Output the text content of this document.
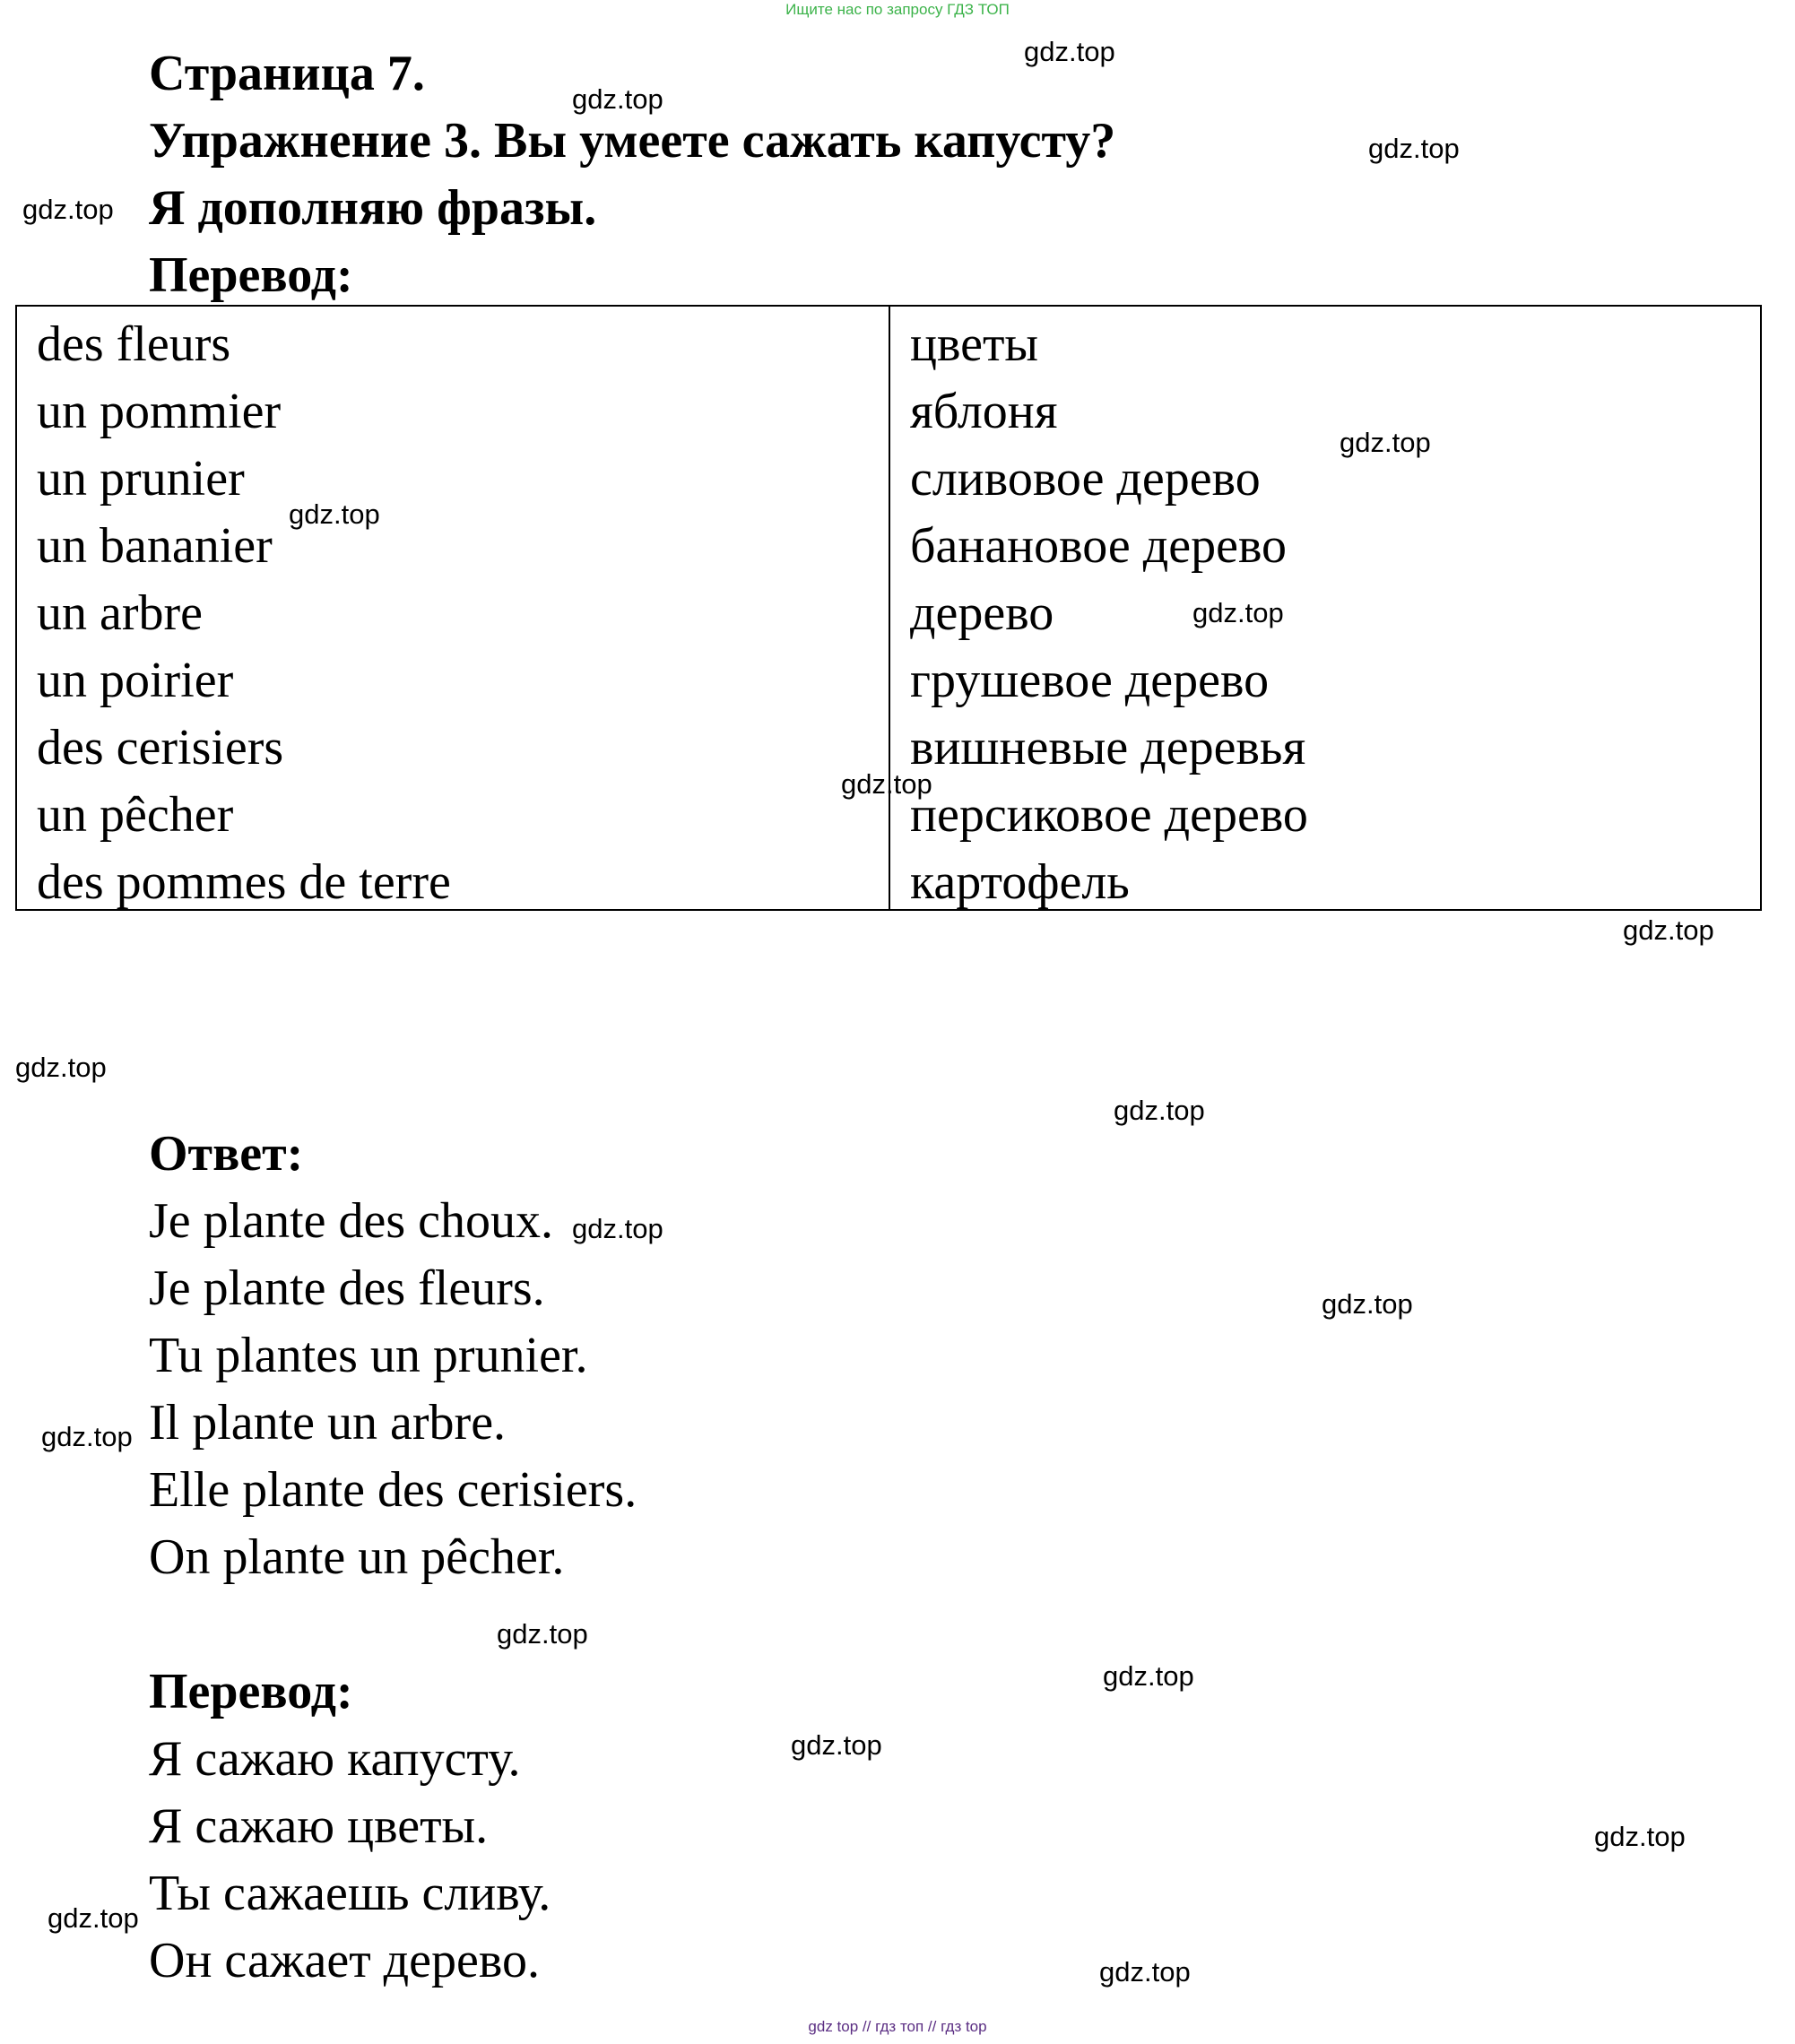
Ищите нас по запросу ГДЗ ТОП
Страница 7.
Упражнение 3. Вы умеете сажать капусту?
Я дополняю фразы.
Перевод:
des fleurs
un pommier
un prunier
un bananier
un arbre
un poirier
des cerisiers
un pêcher
des pommes de terre
цветы
яблоня
сливовое дерево
банановое дерево
дерево
грушевое дерево
вишневые деревья
персиковое дерево
картофель
Ответ:
Je plante des choux.
Je plante des fleurs.
Tu plantes un prunier.
Il plante un arbre.
Elle plante des cerisiers.
On plante un pêcher.
Перевод:
Я сажаю капусту.
Я сажаю цветы.
Ты сажаешь сливу.
Он сажает дерево.
gdz.top
gdz.top
gdz.top
gdz.top
gdz.top
gdz.top
gdz.top
gdz.top
gdz.top
gdz.top
gdz.top
gdz.top
gdz.top
gdz.top
gdz.top
gdz.top
gdz.top
gdz.top
gdz.top
gdz.top
gdz top // гдз топ // гдз top
